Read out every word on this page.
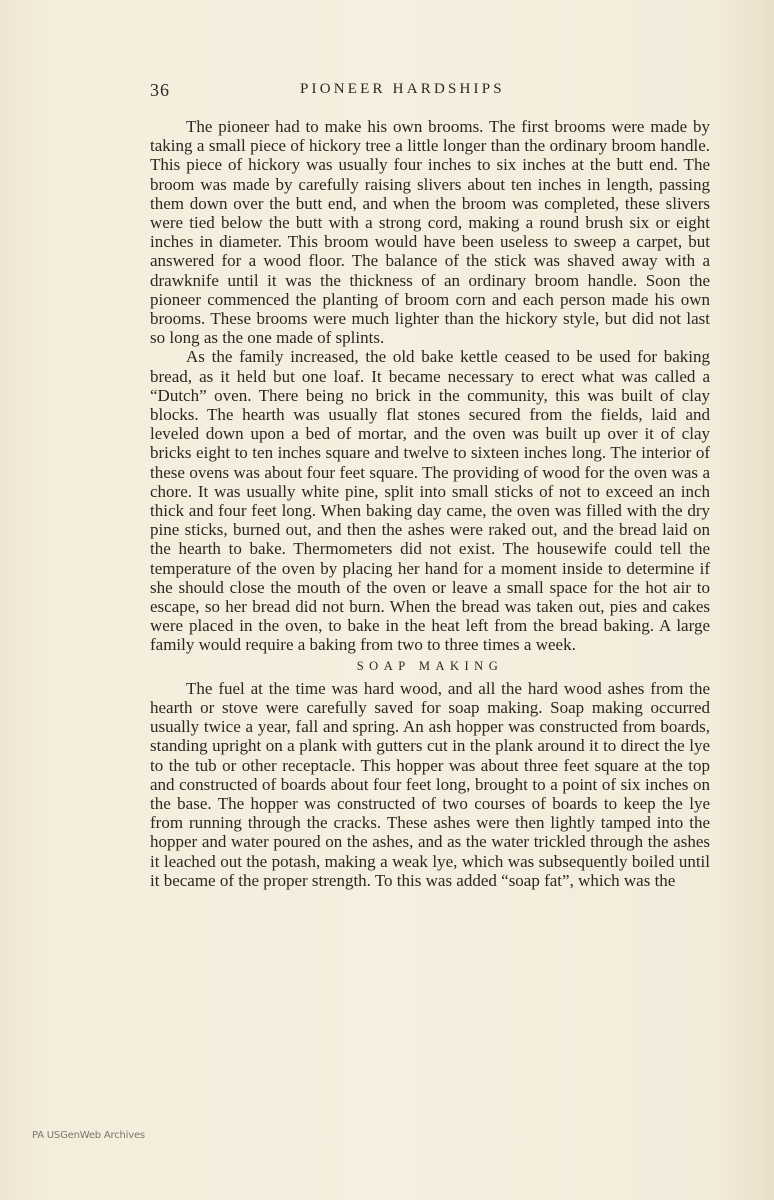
36	PIONEER HARDSHIPS

The pioneer had to make his own brooms. The first brooms were made by taking a small piece of hickory tree a little longer than the ordinary broom handle. This piece of hickory was usually four inches to six inches at the butt end. The broom was made by carefully raising slivers about ten inches in length, passing them down over the butt end, and when the broom was completed, these slivers were tied below the butt with a strong cord, making a round brush six or eight inches in diameter. This broom would have been useless to sweep a carpet, but answered for a wood floor. The balance of the stick was shaved away with a drawknife until it was the thickness of an ordinary broom handle. Soon the pioneer commenced the planting of broom corn and each person made his own brooms. These brooms were much lighter than the hickory style, but did not last so long as the one made of splints.

As the family increased, the old bake kettle ceased to be used for baking bread, as it held but one loaf. It became necessary to erect what was called a “Dutch” oven. There being no brick in the community, this was built of clay blocks. The hearth was usually flat stones secured from the fields, laid and leveled down upon a bed of mortar, and the oven was built up over it of clay bricks eight to ten inches square and twelve to sixteen inches long. The interior of these ovens was about four feet square. The providing of wood for the oven was a chore. It was usually white pine, split into small sticks of not to exceed an inch thick and four feet long. When baking day came, the oven was filled with the dry pine sticks, burned out, and then the ashes were raked out, and the bread laid on the hearth to bake. Thermometers did not exist. The housewife could tell the temperature of the oven by placing her hand for a moment inside to determine if she should close the mouth of the oven or leave a small space for the hot air to escape, so her bread did not burn. When the bread was taken out, pies and cakes were placed in the oven, to bake in the heat left from the bread baking. A large family would require a baking from two to three times a week.

SOAP MAKING

The fuel at the time was hard wood, and all the hard wood ashes from the hearth or stove were carefully saved for soap making. Soap making occurred usually twice a year, fall and spring. An ash hopper was constructed from boards, standing upright on a plank with gutters cut in the plank around it to direct the lye to the tub or other receptacle. This hopper was about three feet square at the top and constructed of boards about four feet long, brought to a point of six inches on the base. The hopper was constructed of two courses of boards to keep the lye from running through the cracks. These ashes were then lightly tamped into the hopper and water poured on the ashes, and as the water trickled through the ashes it leached out the potash, making a weak lye, which was subsequently boiled until it became of the proper strength. To this was added “soap fat”, which was the

PA USGenWeb Archives
